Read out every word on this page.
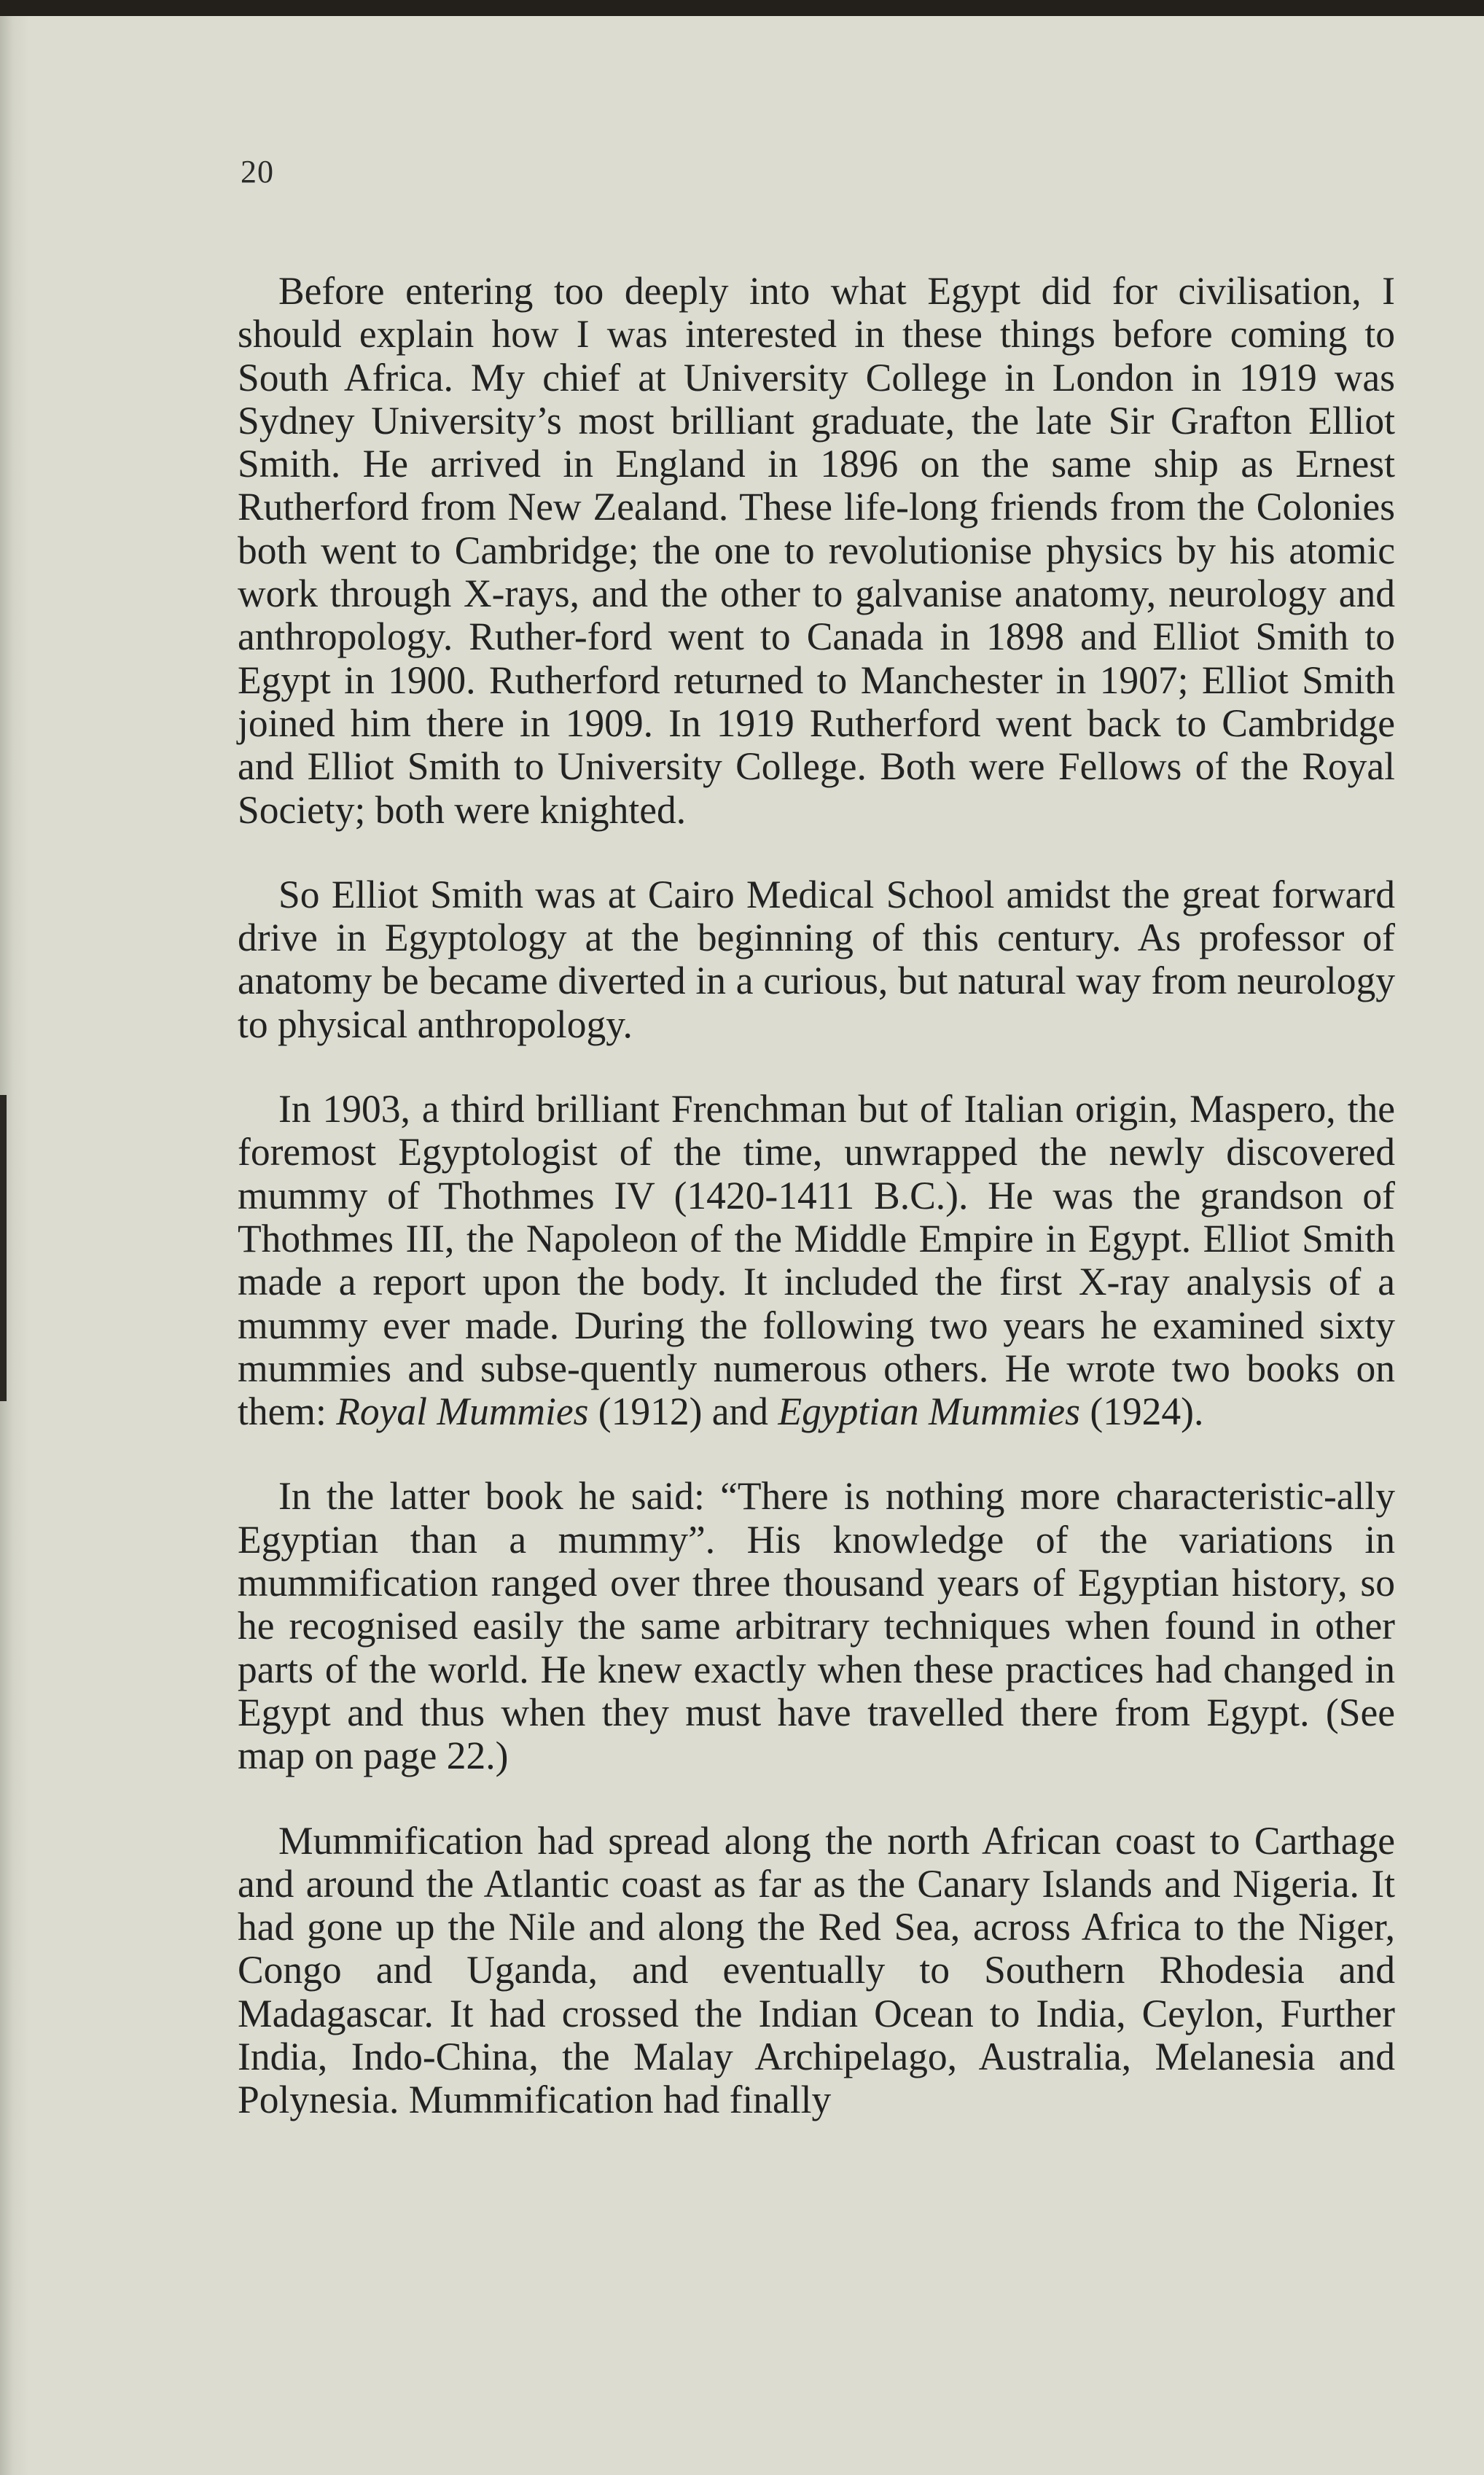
20

Before entering too deeply into what Egypt did for civilisation, I should explain how I was interested in these things before coming to South Africa. My chief at University College in London in 1919 was Sydney University’s most brilliant graduate, the late Sir Grafton Elliot Smith. He arrived in England in 1896 on the same ship as Ernest Rutherford from New Zealand. These life-long friends from the Colonies both went to Cambridge; the one to revolutionise physics by his atomic work through X-rays, and the other to galvanise anatomy, neurology and anthropology. Ruther-ford went to Canada in 1898 and Elliot Smith to Egypt in 1900. Rutherford returned to Manchester in 1907; Elliot Smith joined him there in 1909. In 1919 Rutherford went back to Cambridge and Elliot Smith to University College. Both were Fellows of the Royal Society; both were knighted.

So Elliot Smith was at Cairo Medical School amidst the great forward drive in Egyptology at the beginning of this century. As professor of anatomy be became diverted in a curious, but natural way from neurology to physical anthropology.

In 1903, a third brilliant Frenchman but of Italian origin, Maspero, the foremost Egyptologist of the time, unwrapped the newly discovered mummy of Thothmes IV (1420-1411 B.C.). He was the grandson of Thothmes III, the Napoleon of the Middle Empire in Egypt. Elliot Smith made a report upon the body. It included the first X-ray analysis of a mummy ever made. During the following two years he examined sixty mummies and subse-quently numerous others. He wrote two books on them: Royal Mummies (1912) and Egyptian Mummies (1924).

In the latter book he said: “There is nothing more characteristic-ally Egyptian than a mummy”. His knowledge of the variations in mummification ranged over three thousand years of Egyptian history, so he recognised easily the same arbitrary techniques when found in other parts of the world. He knew exactly when these practices had changed in Egypt and thus when they must have travelled there from Egypt. (See map on page 22.)

Mummification had spread along the north African coast to Carthage and around the Atlantic coast as far as the Canary Islands and Nigeria. It had gone up the Nile and along the Red Sea, across Africa to the Niger, Congo and Uganda, and eventually to Southern Rhodesia and Madagascar. It had crossed the Indian Ocean to India, Ceylon, Further India, Indo-China, the Malay Archipelago, Australia, Melanesia and Polynesia. Mummification had finally
